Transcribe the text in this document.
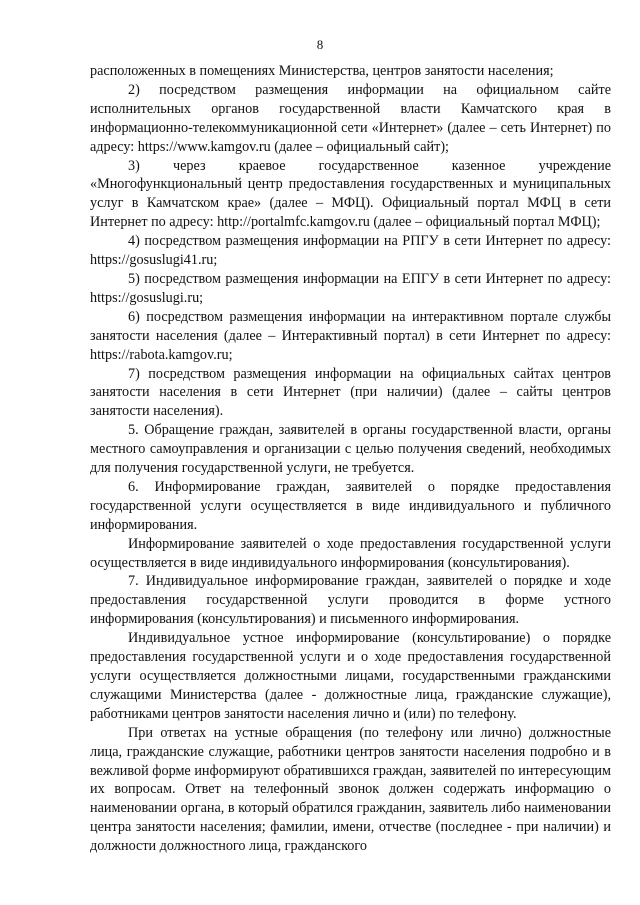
8

расположенных в помещениях Министерства, центров занятости населения;

2) посредством размещения информации на официальном сайте исполнительных органов государственной власти Камчатского края в информационно-телекоммуникационной сети «Интернет» (далее – сеть Интернет) по адресу: https://www.kamgov.ru (далее – официальный сайт);

3) через краевое государственное казенное учреждение «Многофункциональный центр предоставления государственных и муниципальных услуг в Камчатском крае» (далее – МФЦ). Официальный портал МФЦ в сети Интернет по адресу: http://portalmfc.kamgov.ru (далее – официальный портал МФЦ);

4) посредством размещения информации на РПГУ в сети Интернет по адресу: https://gosuslugi41.ru;

5) посредством размещения информации на ЕПГУ в сети Интернет по адресу: https://gosuslugi.ru;

6) посредством размещения информации на интерактивном портале службы занятости населения (далее – Интерактивный портал) в сети Интернет по адресу: https://rabota.kamgov.ru;

7) посредством размещения информации на официальных сайтах центров занятости населения в сети Интернет (при наличии) (далее – сайты центров занятости населения).

5. Обращение граждан, заявителей в органы государственной власти, органы местного самоуправления и организации с целью получения сведений, необходимых для получения государственной услуги, не требуется.

6. Информирование граждан, заявителей о порядке предоставления государственной услуги осуществляется в виде индивидуального и публичного информирования.

Информирование заявителей о ходе предоставления государственной услуги осуществляется в виде индивидуального информирования (консультирования).

7. Индивидуальное информирование граждан, заявителей о порядке и ходе предоставления государственной услуги проводится в форме устного информирования (консультирования) и письменного информирования.

Индивидуальное устное информирование (консультирование) о порядке предоставления государственной услуги и о ходе предоставления государственной услуги осуществляется должностными лицами, государственными гражданскими служащими Министерства (далее - должностные лица, гражданские служащие), работниками центров занятости населения лично и (или) по телефону.

При ответах на устные обращения (по телефону или лично) должностные лица, гражданские служащие, работники центров занятости населения подробно и в вежливой форме информируют обратившихся граждан, заявителей по интересующим их вопросам. Ответ на телефонный звонок должен содержать информацию о наименовании органа, в который обратился гражданин, заявитель либо наименовании центра занятости населения; фамилии, имени, отчестве (последнее - при наличии) и должности должностного лица, гражданского
